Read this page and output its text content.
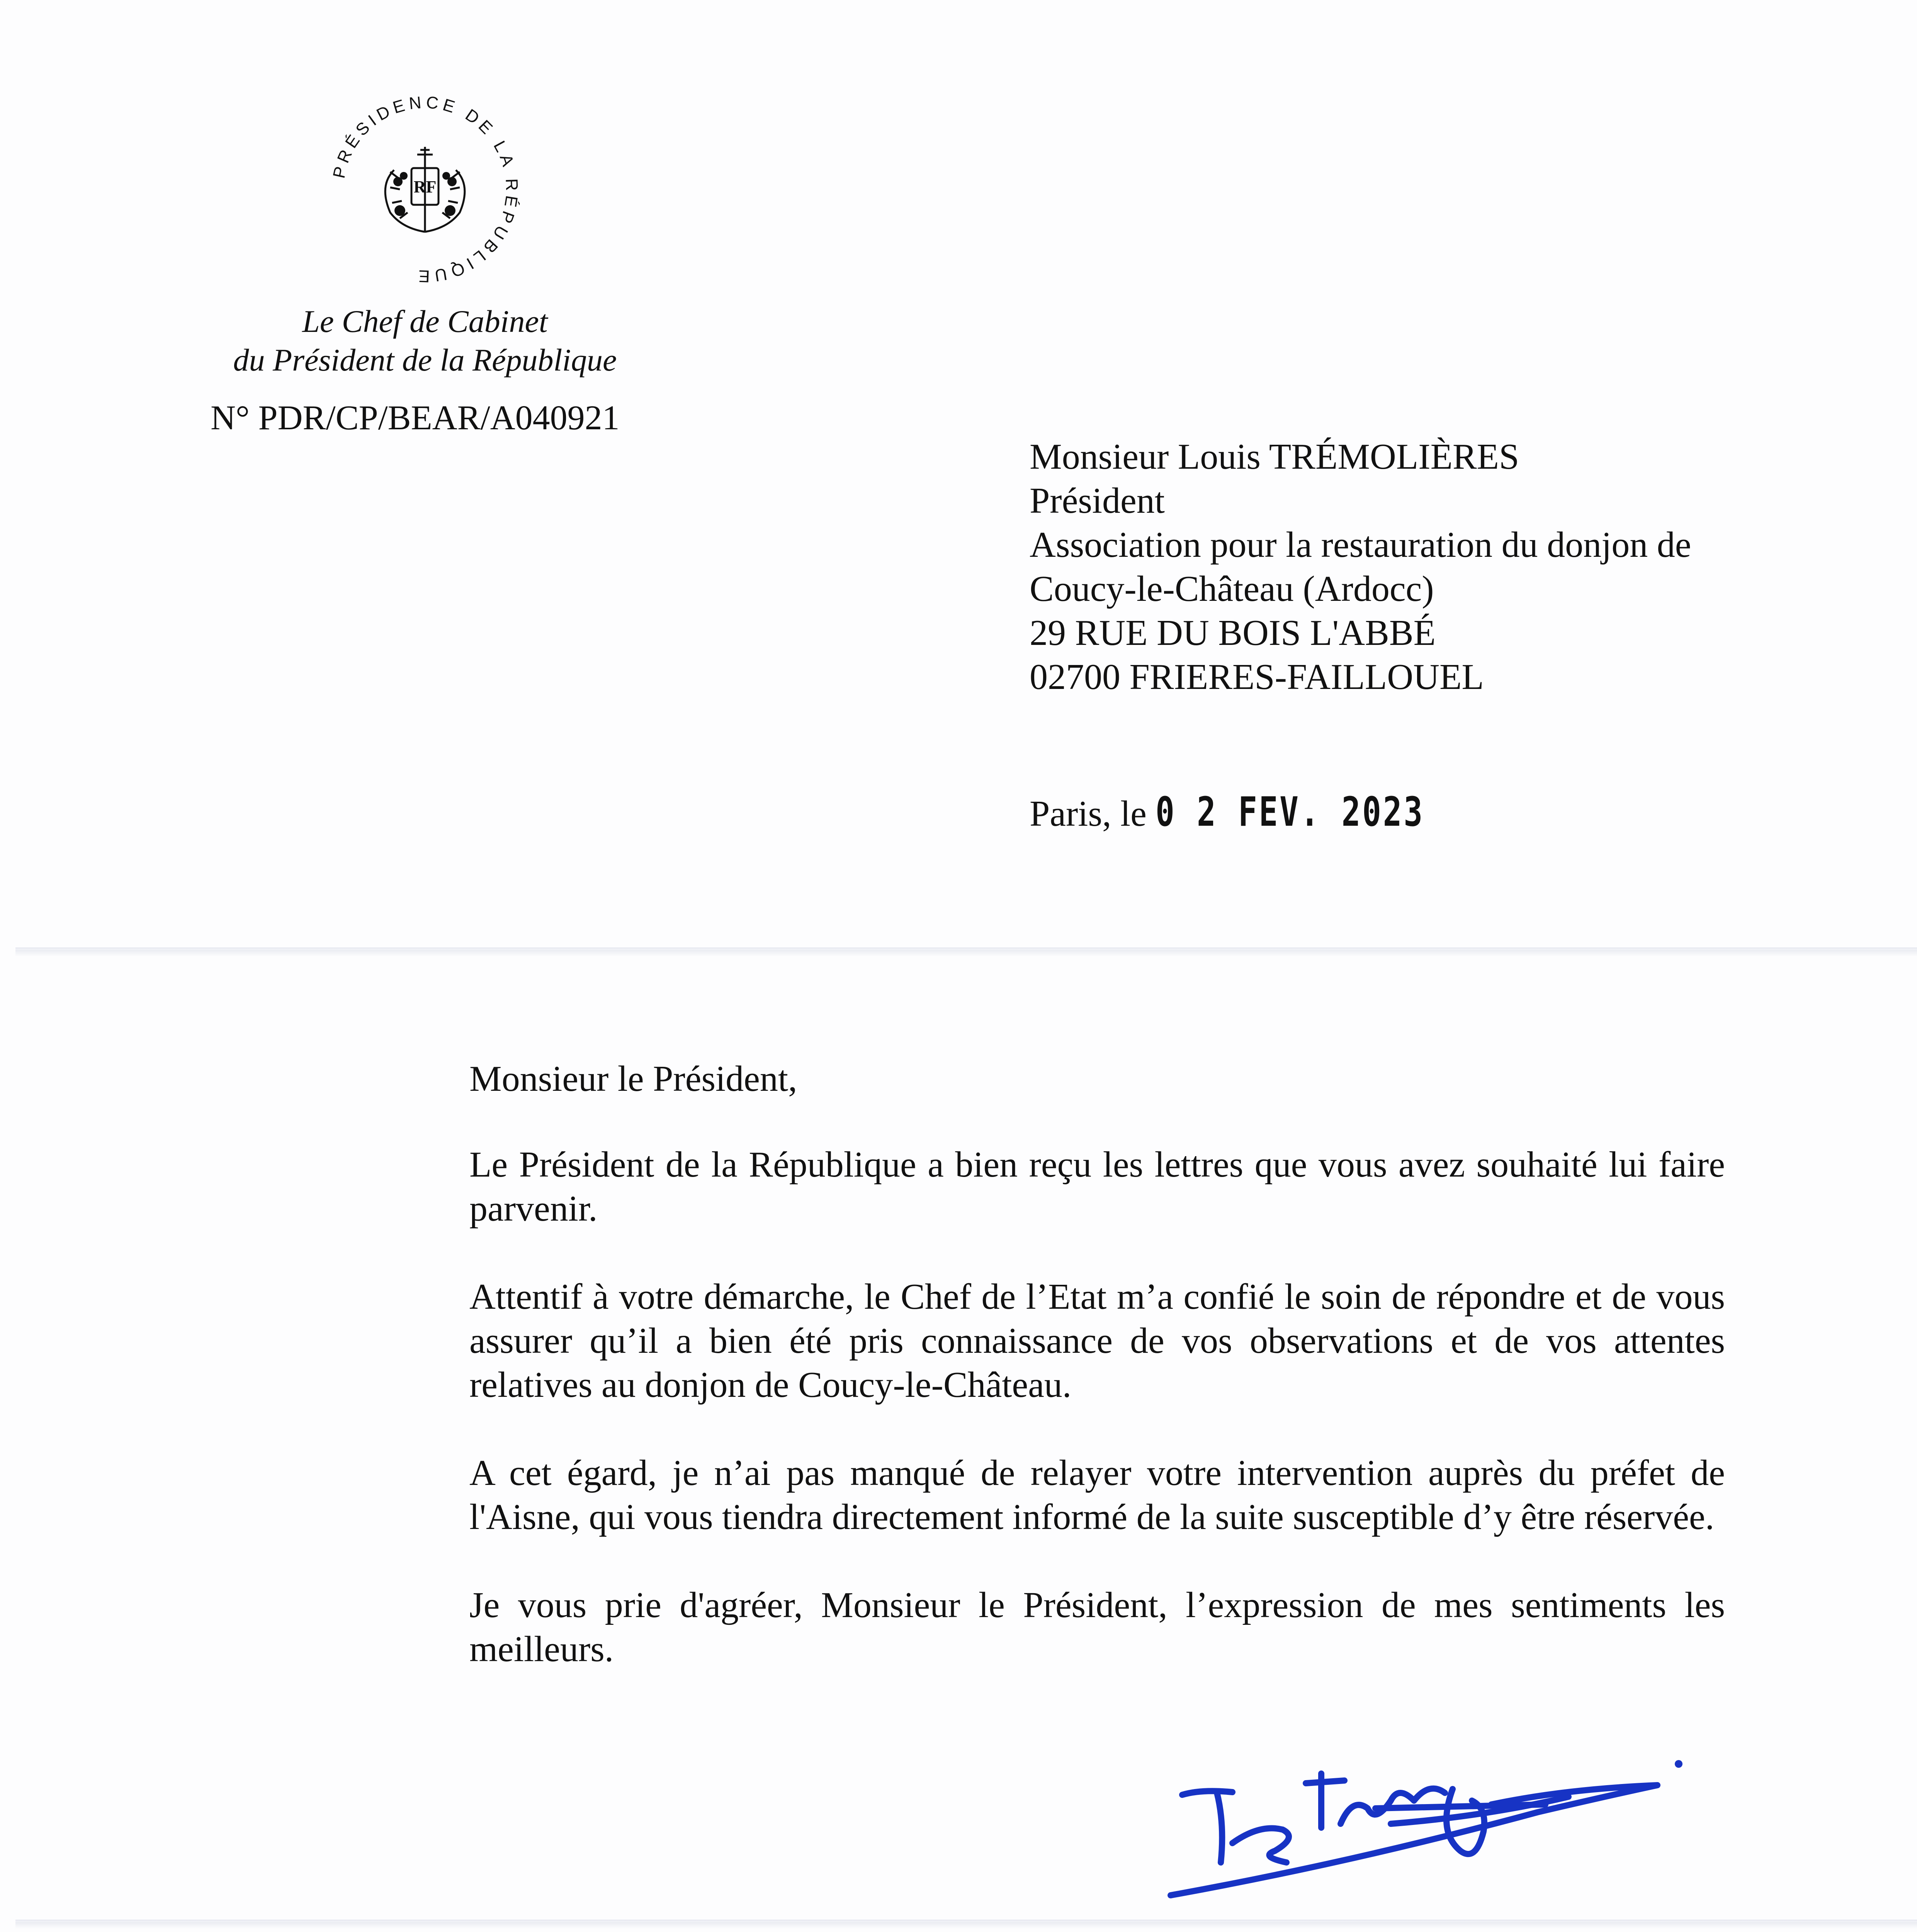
PRÉSIDENCE DE LA RÉPUBLIQUE
RF
Le Chef de Cabinet
du Président de la République
N° PDR/CP/BEAR/A040921
Monsieur Louis TRÉMOLIÈRES
Président
Association pour la restauration du donjon de
Coucy-le-Château (Ardocc)
29 RUE DU BOIS L'ABBÉ
02700 FRIERES-FAILLOUEL
Paris, le 0 2 FEV. 2023

Monsieur le Président,

Le Président de la République a bien reçu les lettres que vous avez souhaité lui faire parvenir.

Attentif à votre démarche, le Chef de l’Etat m’a confié le soin de répondre et de vous assurer qu’il a bien été pris connaissance de vos observations et de vos attentes relatives au donjon de Coucy-le-Château.

A cet égard, je n’ai pas manqué de relayer votre intervention auprès du préfet de l'Aisne, qui vous tiendra directement informé de la suite susceptible d’y être réservée.

Je vous prie d'agréer, Monsieur le Président, l’expression de mes sentiments les meilleurs.
